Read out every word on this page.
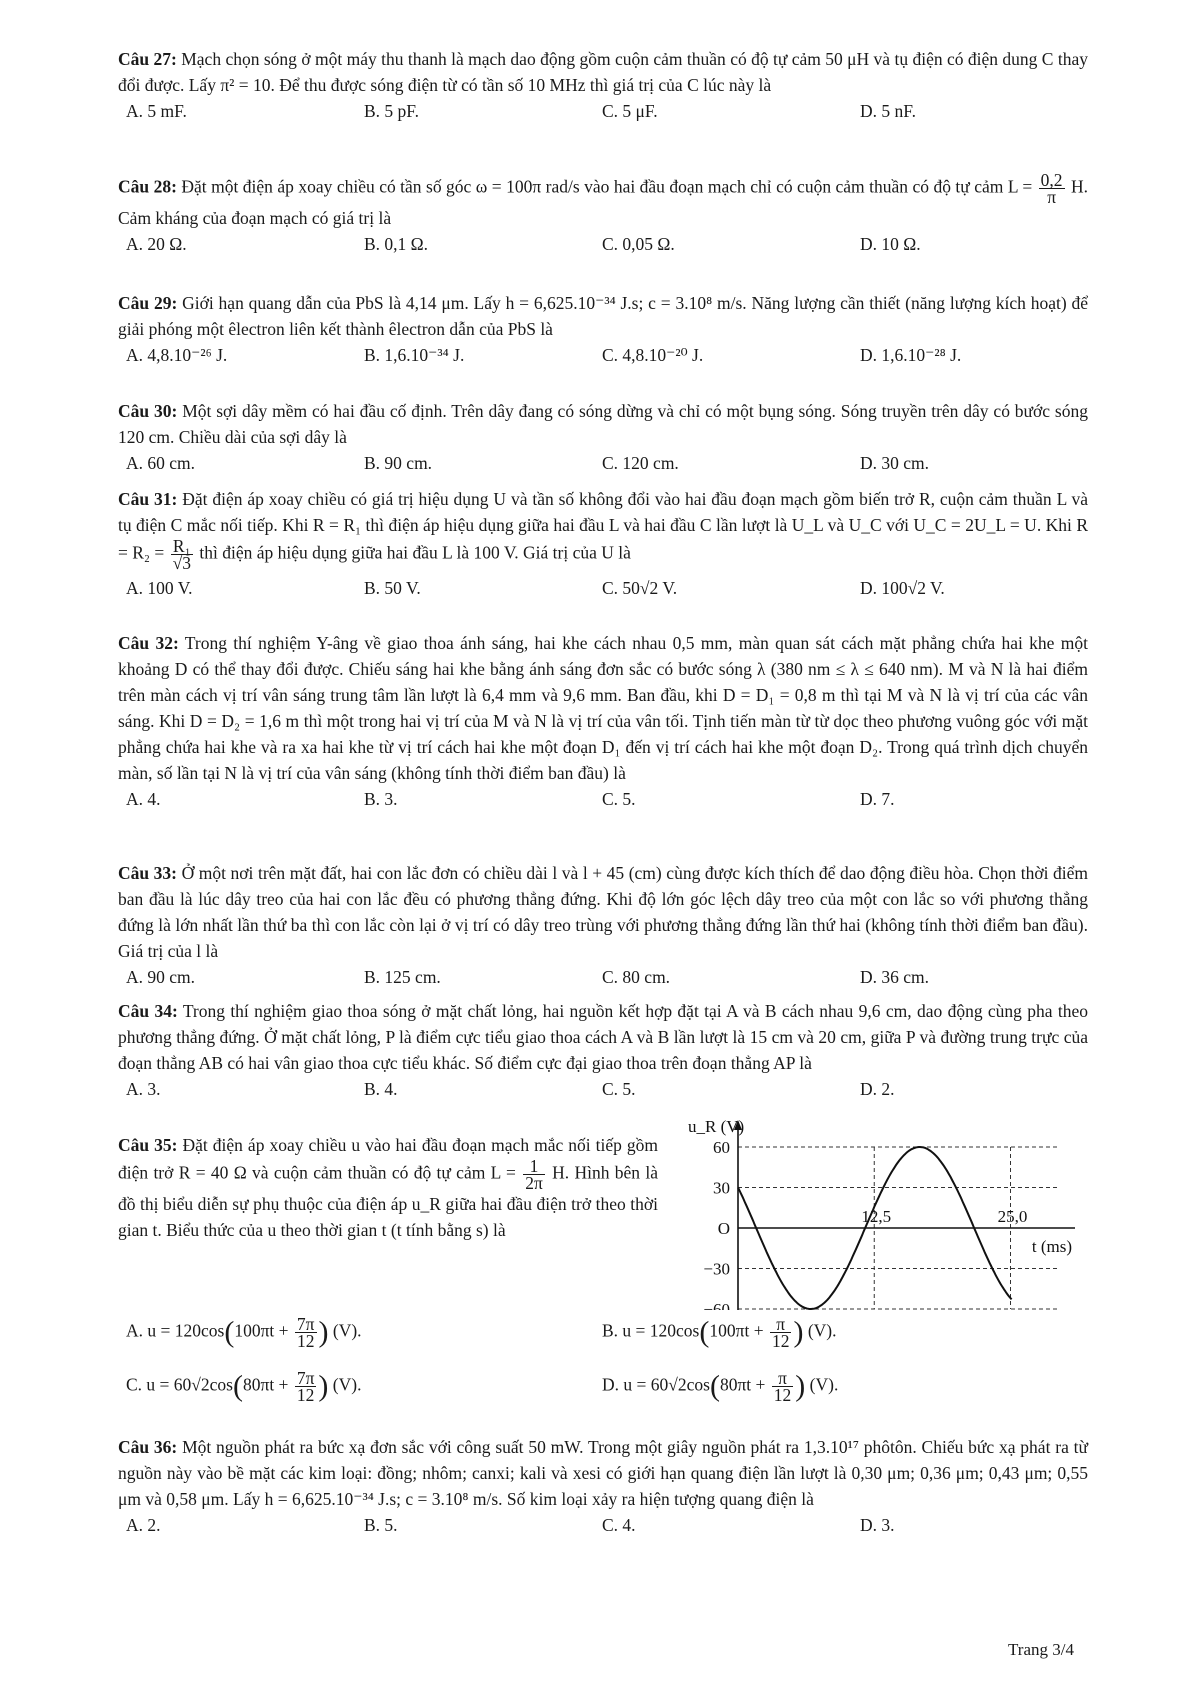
Câu 27: Mạch chọn sóng ở một máy thu thanh là mạch dao động gồm cuộn cảm thuần có độ tự cảm 50 μH và tụ điện có điện dung C thay đổi được. Lấy π² = 10. Để thu được sóng điện từ có tần số 10 MHz thì giá trị của C lúc này là
A. 5 mF.	B. 5 pF.	C. 5 μF.	D. 5 nF.
Câu 28: Đặt một điện áp xoay chiều có tần số góc ω = 100π rad/s vào hai đầu đoạn mạch chỉ có cuộn cảm thuần có độ tự cảm $L = \frac{0,2}{\pi} H$. Cảm kháng của đoạn mạch có giá trị là
A. 20 Ω.	B. 0,1 Ω.	C. 0,05 Ω.	D. 10 Ω.
Câu 29: Giới hạn quang dẫn của PbS là 4,14 μm. Lấy h = 6,625.10⁻³⁴ J.s; c = 3.10⁸ m/s. Năng lượng cần thiết (năng lượng kích hoạt) để giải phóng một êlectron liên kết thành êlectron dẫn của PbS là
A. 4,8.10⁻²⁶ J.	B. 1,6.10⁻³⁴ J.	C. 4,8.10⁻²⁰ J.	D. 1,6.10⁻²⁸ J.
Câu 30: Một sợi dây mềm có hai đầu cố định. Trên dây đang có sóng dừng và chỉ có một bụng sóng. Sóng truyền trên dây có bước sóng 120 cm. Chiều dài của sợi dây là
A. 60 cm.	B. 90 cm.	C. 120 cm.	D. 30 cm.
Câu 31: Đặt điện áp xoay chiều có giá trị hiệu dụng U và tần số không đổi vào hai đầu đoạn mạch gồm biến trở R, cuộn cảm thuần L và tụ điện C mắc nối tiếp. Khi R = R₁ thì điện áp hiệu dụng giữa hai đầu L và hai đầu C lần lượt là U_L và U_C với U_C = 2U_L = U. Khi $R = R_2 = \frac{\text{R₁}}{√3}$ thì điện áp hiệu dụng giữa hai đầu L là 100 V. Giá trị của U là
A. 100 V.	B. 50 V.	C. 50√2 V.	D. 100√2 V.
Câu 32: Trong thí nghiệm Y-âng về giao thoa ánh sáng, hai khe cách nhau 0,5 mm, màn quan sát cách mặt phẳng chứa hai khe một khoảng D có thể thay đổi được. Chiếu sáng hai khe bằng ánh sáng đơn sắc có bước sóng λ (380 nm ≤ λ ≤ 640 nm). M và N là hai điểm trên màn cách vị trí vân sáng trung tâm lần lượt là 6,4 mm và 9,6 mm. Ban đầu, khi D = D₁ = 0,8 m thì tại M và N là vị trí của các vân sáng. Khi D = D₂ = 1,6 m thì một trong hai vị trí của M và N là vị trí của vân tối. Tịnh tiến màn từ từ dọc theo phương vuông góc với mặt phẳng chứa hai khe và ra xa hai khe từ vị trí cách hai khe một đoạn D₁ đến vị trí cách hai khe một đoạn D₂. Trong quá trình dịch chuyển màn, số lần tại N là vị trí của vân sáng (không tính thời điểm ban đầu) là
A. 4.	B. 3.	C. 5.	D. 7.
Câu 33: Ở một nơi trên mặt đất, hai con lắc đơn có chiều dài l và l + 45 (cm) cùng được kích thích để dao động điều hòa. Chọn thời điểm ban đầu là lúc dây treo của hai con lắc đều có phương thẳng đứng. Khi độ lớn góc lệch dây treo của một con lắc so với phương thẳng đứng là lớn nhất lần thứ ba thì con lắc còn lại ở vị trí có dây treo trùng với phương thẳng đứng lần thứ hai (không tính thời điểm ban đầu). Giá trị của l là
A. 90 cm.	B. 125 cm.	C. 80 cm.	D. 36 cm.
Câu 34: Trong thí nghiệm giao thoa sóng ở mặt chất lỏng, hai nguồn kết hợp đặt tại A và B cách nhau 9,6 cm, dao động cùng pha theo phương thẳng đứng. Ở mặt chất lỏng, P là điểm cực tiểu giao thoa cách A và B lần lượt là 15 cm và 20 cm, giữa P và đường trung trực của đoạn thẳng AB có hai vân giao thoa cực tiểu khác. Số điểm cực đại giao thoa trên đoạn thẳng AP là
A. 3.	B. 4.	C. 5.	D. 2.
Câu 35: Đặt điện áp xoay chiều u vào hai đầu đoạn mạch mắc nối tiếp gồm điện trở R = 40 Ω và cuộn cảm thuần có độ tự cảm $L = \frac{1}{2\pi} H$. Hình bên là đồ thị biểu diễn sự phụ thuộc của điện áp u_R giữa hai đầu điện trở theo thời gian t. Biểu thức của u theo thời gian t (t tính bằng s) là
A. $u = 120\cos(100\pi t + \frac{7\pi}{12}$ ) (V).	B. $u = 120\cos(100\pi t + \frac{\pi}{12}$ ) (V).
C. $u = 60√2\cos(80\pi t + \frac{7\pi}{12}$ ) (V).	D. $u = 60√2\cos(80\pi t + \frac{\pi}{12}$ ) (V).
60
30
O
−30
−60
12,5	25,0
u_R (V)
t (ms)
Câu 36: Một nguồn phát ra bức xạ đơn sắc với công suất 50 mW. Trong một giây nguồn phát ra 1,3.10¹⁷ phôtôn. Chiếu bức xạ phát ra từ nguồn này vào bề mặt các kim loại: đồng; nhôm; canxi; kali và xesi có giới hạn quang điện lần lượt là 0,30 μm; 0,36 μm; 0,43 μm; 0,55 μm và 0,58 μm. Lấy h = 6,625.10⁻³⁴ J.s; c = 3.10⁸ m/s. Số kim loại xảy ra hiện tượng quang điện là
A. 2.	B. 5.	C. 4.	D. 3.
Trang 3/4
